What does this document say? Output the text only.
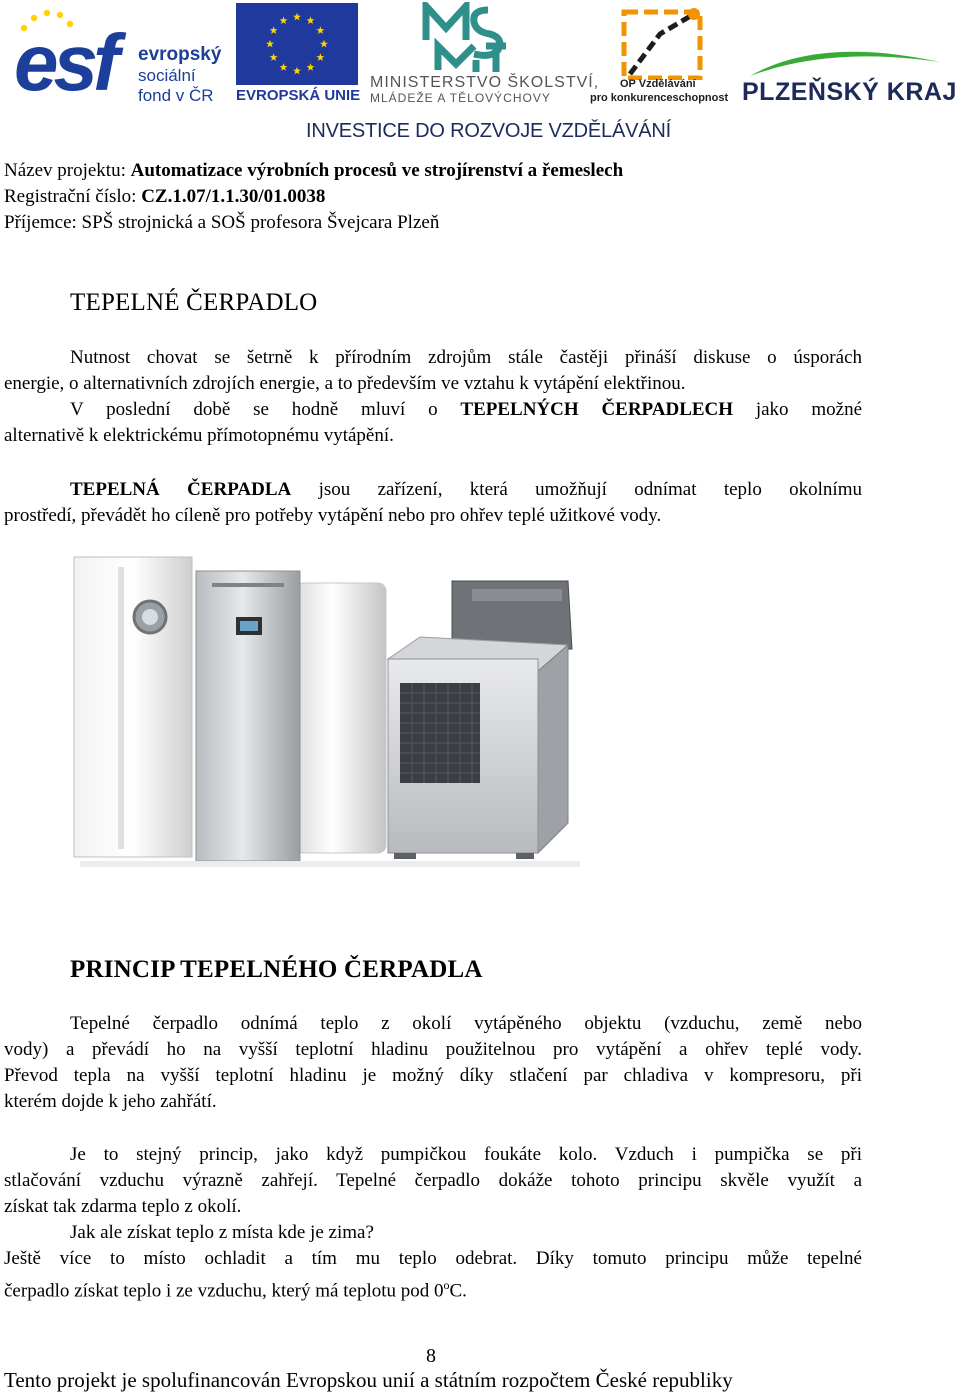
esf evropský
sociální
fond v ČR EVROPSKÁ UNIE
MINISTERSTVO ŠKOLSTVÍ,
MLÁDEŽE A TĚLOVÝCHOVY
OP Vzdělávání
pro konkurenceschopnost PLZEŇSKÝ KRAJ
INVESTICE DO ROZVOJE VZDĚLÁVÁNÍ
Název projektu: Automatizace výrobních procesů ve strojírenství a řemeslech
Registrační číslo: CZ.1.07/1.1.30/01.0038
Příjemce: SPŠ strojnická a SOŠ profesora Švejcara Plzeň
TEPELNÉ ČERPADLO
Nutnost chovat se šetrně k přírodním zdrojům stále častěji přináší diskuse o úsporách
energie, o alternativních zdrojích energie, a to především ve vztahu k vytápění elektřinou.
V poslední době se hodně mluví o TEPELNÝCH ČERPADLECH jako možné
alternativě k elektrickému přímotopnému vytápění.
TEPELNÁ ČERPADLA jsou zařízení, která umožňují odnímat teplo okolnímu
prostředí, převádět ho cíleně pro potřeby vytápění nebo pro ohřev teplé užitkové vody.
PRINCIP TEPELNÉHO ČERPADLA
Tepelné čerpadlo odnímá teplo z okolí vytápěného objektu (vzduchu, země nebo
vody) a převádí ho na vyšší teplotní hladinu použitelnou pro vytápění a ohřev teplé vody.
Převod tepla na vyšší teplotní hladinu je možný díky stlačení par chladiva v kompresoru, při
kterém dojde k jeho zahřátí.
Je to stejný princip, jako když pumpičkou foukáte kolo. Vzduch i pumpička se při
stlačování vzduchu výrazně zahřejí. Tepelné čerpadlo dokáže tohoto principu skvěle využít a
získat tak zdarma teplo z okolí.
Jak ale získat teplo z místa kde je zima?
Ještě více to místo ochladit a tím mu teplo odebrat. Díky tomuto principu může tepelné
čerpadlo získat teplo i ze vzduchu, který má teplotu pod 0$^o$C.
8
Tento projekt je spolufinancován Evropskou unií a státním rozpočtem České republiky
